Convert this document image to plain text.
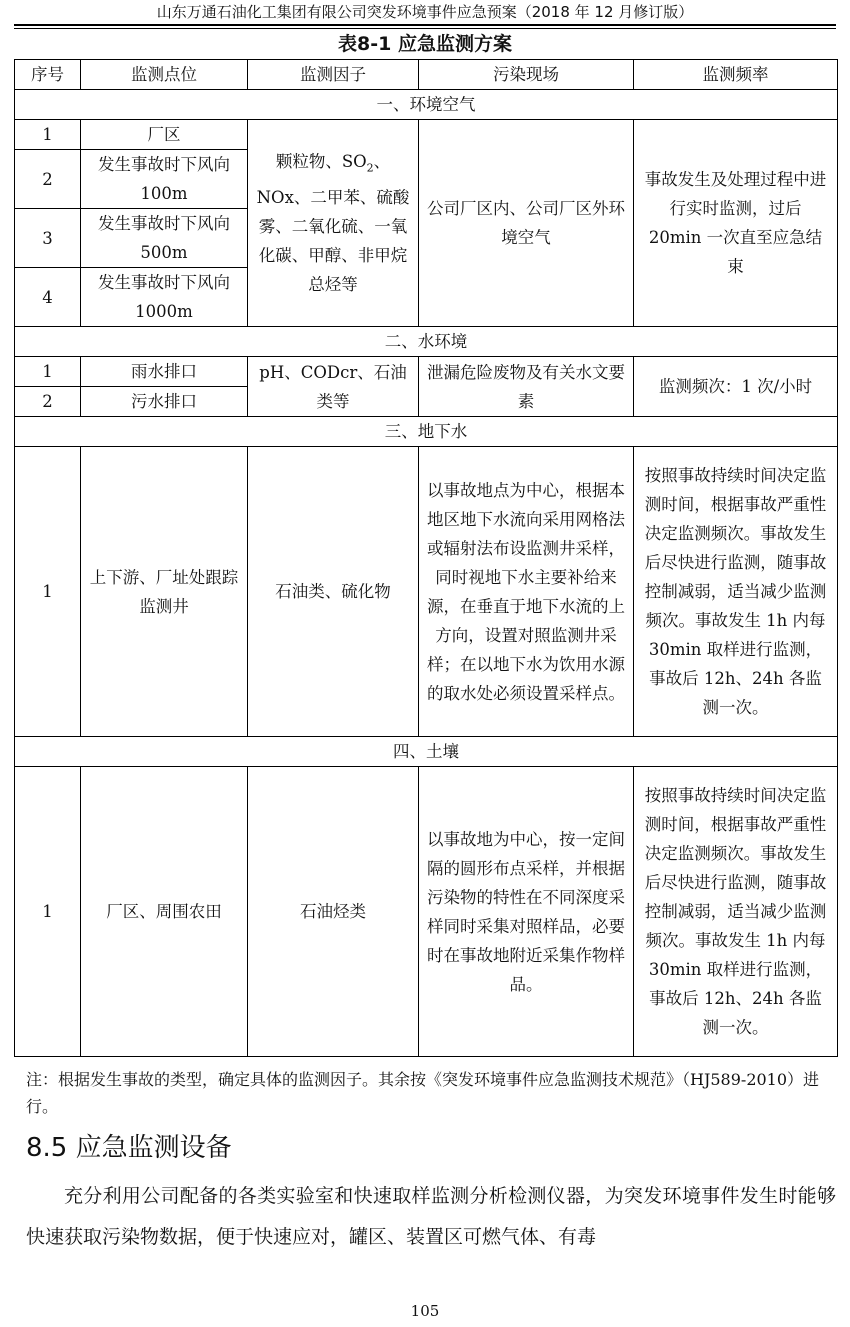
山东万通石油化工集团有限公司突发环境事件应急预案（2018 年 12 月修订版）
表8-1 应急监测方案
序号	监测点位	监测因子	污染现场	监测频率
一、环境空气				
1	厂区	颗粒物、$SO_2$、NOx、二甲苯、硫酸雾、二氧化硫、一氧化碳、甲醇、非甲烷总烃等	公司厂区内、公司厂区外环境空气	事故发生及处理过程中进行实时监测，过后 20min 一次直至应急结束
2	发生事故时下风向 100m			
3	发生事故时下风向 500m			
4	发生事故时下风向 1000m			
二、水环境				
1	雨水排口	pH、CODcr、石油类等	泄漏危险废物及有关水文要素	监测频次：1 次/小时
2	污水排口			
三、地下水				
1	上下游、厂址处跟踪监测井	石油类、硫化物	以事故地点为中心，根据本地区地下水流向采用网格法或辐射法布设监测井采样，同时视地下水主要补给来源，在垂直于地下水流的上方向，设置对照监测井采样；在以地下水为饮用水源的取水处必须设置采样点。	按照事故持续时间决定监测时间，根据事故严重性决定监测频次。事故发生后尽快进行监测，随事故控制减弱，适当减少监测频次。事故发生 1h 内每 30min 取样进行监测，事故后 12h、24h 各监测一次。
四、土壤				
1	厂区、周围农田	石油烃类	以事故地为中心，按一定间隔的圆形布点采样，并根据污染物的特性在不同深度采样同时采集对照样品，必要时在事故地附近采集作物样品。	按照事故持续时间决定监测时间，根据事故严重性决定监测频次。事故发生后尽快进行监测，随事故控制减弱，适当减少监测频次。事故发生 1h 内每 30min 取样进行监测，事故后 12h、24h 各监测一次。
注：根据发生事故的类型，确定具体的监测因子。其余按《突发环境事件应急监测技术规范》（HJ589-2010）进行。
8.5 应急监测设备
充分利用公司配备的各类实验室和快速取样监测分析检测仪器，为突发环境事件发生时能够快速获取污染物数据，便于快速应对，罐区、装置区可燃气体、有毒
105
